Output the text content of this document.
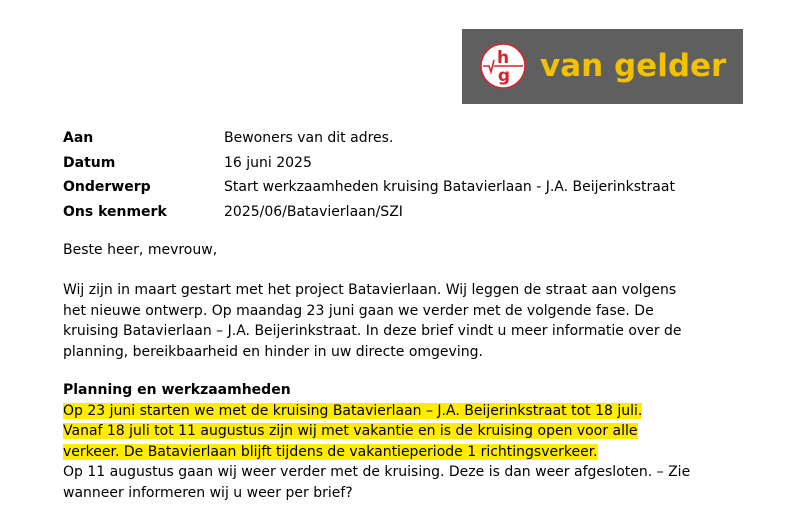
h
g van gelder
Aan	Bewoners van dit adres.
Datum	16 juni 2025
Onderwerp	Start werkzaamheden kruising Batavierlaan - J.A. Beijerinkstraat
Ons kenmerk	2025/06/Batavierlaan/SZI
Beste heer, mevrouw,
Wij zijn in maart gestart met het project Batavierlaan. Wij leggen de straat aan volgens
het nieuwe ontwerp. Op maandag 23 juni gaan we verder met de volgende fase. De
kruising Batavierlaan – J.A. Beijerinkstraat. In deze brief vindt u meer informatie over de
planning, bereikbaarheid en hinder in uw directe omgeving.
Planning en werkzaamheden
Op 23 juni starten we met de kruising Batavierlaan – J.A. Beijerinkstraat tot 18 juli.
Vanaf 18 juli tot 11 augustus zijn wij met vakantie en is de kruising open voor alle
verkeer. De Batavierlaan blijft tijdens de vakantieperiode 1 richtingsverkeer.
Op 11 augustus gaan wij weer verder met de kruising. Deze is dan weer afgesloten. – Zie
wanneer informeren wij u weer per brief?
